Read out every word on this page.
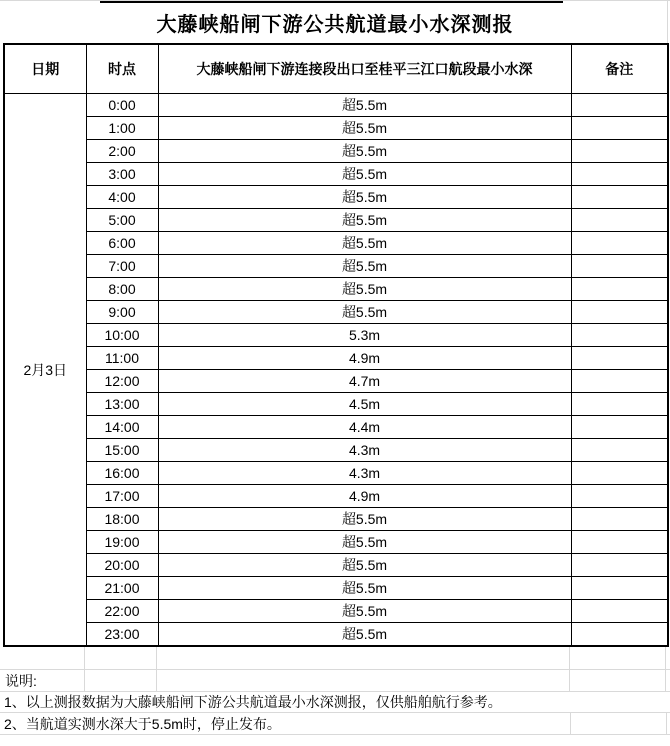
大藤峡船闸下游公共航道最小水深测报
日期	时点	大藤峡船闸下游连接段出口至桂平三江口航段最小水深	备注
2月3日	0:00	超5.5m	
	1:00	超5.5m	
	2:00	超5.5m	
	3:00	超5.5m	
	4:00	超5.5m	
	5:00	超5.5m	
	6:00	超5.5m	
	7:00	超5.5m	
	8:00	超5.5m	
	9:00	超5.5m	
	10:00	5.3m	
	11:00	4.9m	
	12:00	4.7m	
	13:00	4.5m	
	14:00	4.4m	
	15:00	4.3m	
	16:00	4.3m	
	17:00	4.9m	
	18:00	超5.5m	
	19:00	超5.5m	
	20:00	超5.5m	
	21:00	超5.5m	
	22:00	超5.5m	
	23:00	超5.5m	
说明:
1、以上测报数据为大藤峡船闸下游公共航道最小水深测报，仅供船舶航行参考。
2、当航道实测水深大于5.5m时，停止发布。
